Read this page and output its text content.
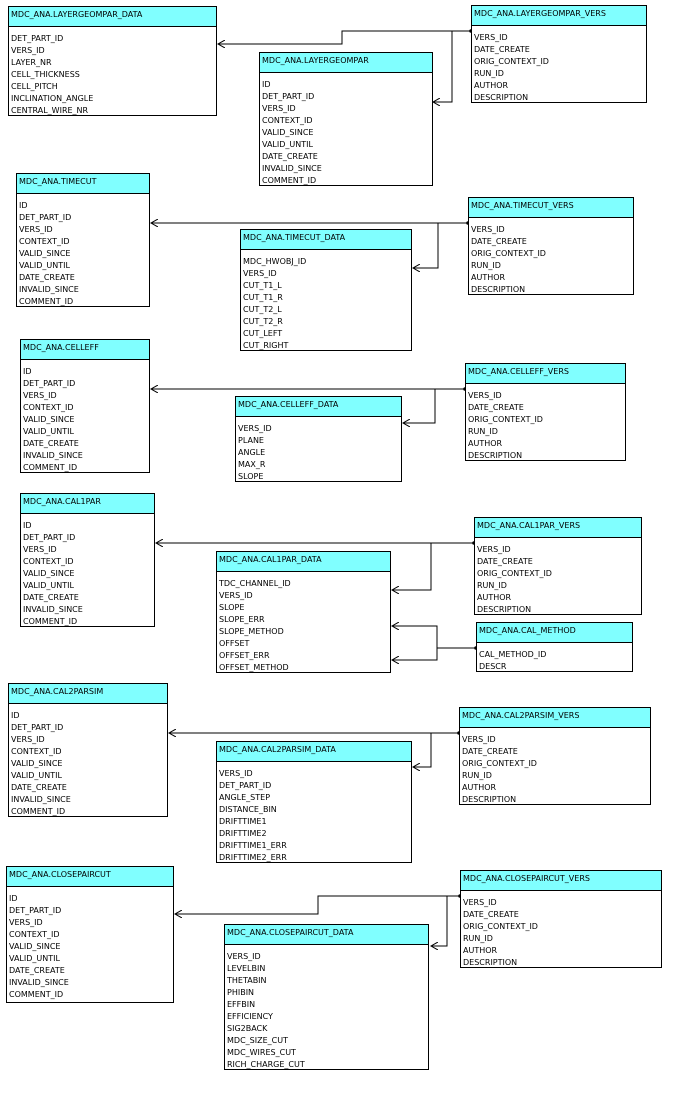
MDC_ANA.LAYERGEOMPAR_DATA
DET_PART_ID
VERS_ID
LAYER_NR
CELL_THICKNESS
CELL_PITCH
INCLINATION_ANGLE
CENTRAL_WIRE_NR
MDC_ANA.LAYERGEOMPAR_VERS
VERS_ID
DATE_CREATE
ORIG_CONTEXT_ID
RUN_ID
AUTHOR
DESCRIPTION
MDC_ANA.LAYERGEOMPAR
ID
DET_PART_ID
VERS_ID
CONTEXT_ID
VALID_SINCE
VALID_UNTIL
DATE_CREATE
INVALID_SINCE
COMMENT_ID
MDC_ANA.TIMECUT
ID
DET_PART_ID
VERS_ID
CONTEXT_ID
VALID_SINCE
VALID_UNTIL
DATE_CREATE
INVALID_SINCE
COMMENT_ID
MDC_ANA.TIMECUT_VERS
VERS_ID
DATE_CREATE
ORIG_CONTEXT_ID
RUN_ID
AUTHOR
DESCRIPTION
MDC_ANA.TIMECUT_DATA
MDC_HWOBJ_ID
VERS_ID
CUT_T1_L
CUT_T1_R
CUT_T2_L
CUT_T2_R
CUT_LEFT
CUT_RIGHT
MDC_ANA.CELLEFF
ID
DET_PART_ID
VERS_ID
CONTEXT_ID
VALID_SINCE
VALID_UNTIL
DATE_CREATE
INVALID_SINCE
COMMENT_ID
MDC_ANA.CELLEFF_VERS
VERS_ID
DATE_CREATE
ORIG_CONTEXT_ID
RUN_ID
AUTHOR
DESCRIPTION
MDC_ANA.CELLEFF_DATA
VERS_ID
PLANE
ANGLE
MAX_R
SLOPE
MDC_ANA.CAL1PAR
ID
DET_PART_ID
VERS_ID
CONTEXT_ID
VALID_SINCE
VALID_UNTIL
DATE_CREATE
INVALID_SINCE
COMMENT_ID
MDC_ANA.CAL1PAR_VERS
VERS_ID
DATE_CREATE
ORIG_CONTEXT_ID
RUN_ID
AUTHOR
DESCRIPTION
MDC_ANA.CAL1PAR_DATA
TDC_CHANNEL_ID
VERS_ID
SLOPE
SLOPE_ERR
SLOPE_METHOD
OFFSET
OFFSET_ERR
OFFSET_METHOD
MDC_ANA.CAL_METHOD
CAL_METHOD_ID
DESCR
MDC_ANA.CAL2PARSIM
ID
DET_PART_ID
VERS_ID
CONTEXT_ID
VALID_SINCE
VALID_UNTIL
DATE_CREATE
INVALID_SINCE
COMMENT_ID
MDC_ANA.CAL2PARSIM_VERS
VERS_ID
DATE_CREATE
ORIG_CONTEXT_ID
RUN_ID
AUTHOR
DESCRIPTION
MDC_ANA.CAL2PARSIM_DATA
VERS_ID
DET_PART_ID
ANGLE_STEP
DISTANCE_BIN
DRIFTTIME1
DRIFTTIME2
DRIFTTIME1_ERR
DRIFTTIME2_ERR
MDC_ANA.CLOSEPAIRCUT
ID
DET_PART_ID
VERS_ID
CONTEXT_ID
VALID_SINCE
VALID_UNTIL
DATE_CREATE
INVALID_SINCE
COMMENT_ID
MDC_ANA.CLOSEPAIRCUT_VERS
VERS_ID
DATE_CREATE
ORIG_CONTEXT_ID
RUN_ID
AUTHOR
DESCRIPTION
MDC_ANA.CLOSEPAIRCUT_DATA
VERS_ID
LEVELBIN
THETABIN
PHIBIN
EFFBIN
EFFICIENCY
SIG2BACK
MDC_SIZE_CUT
MDC_WIRES_CUT
RICH_CHARGE_CUT
